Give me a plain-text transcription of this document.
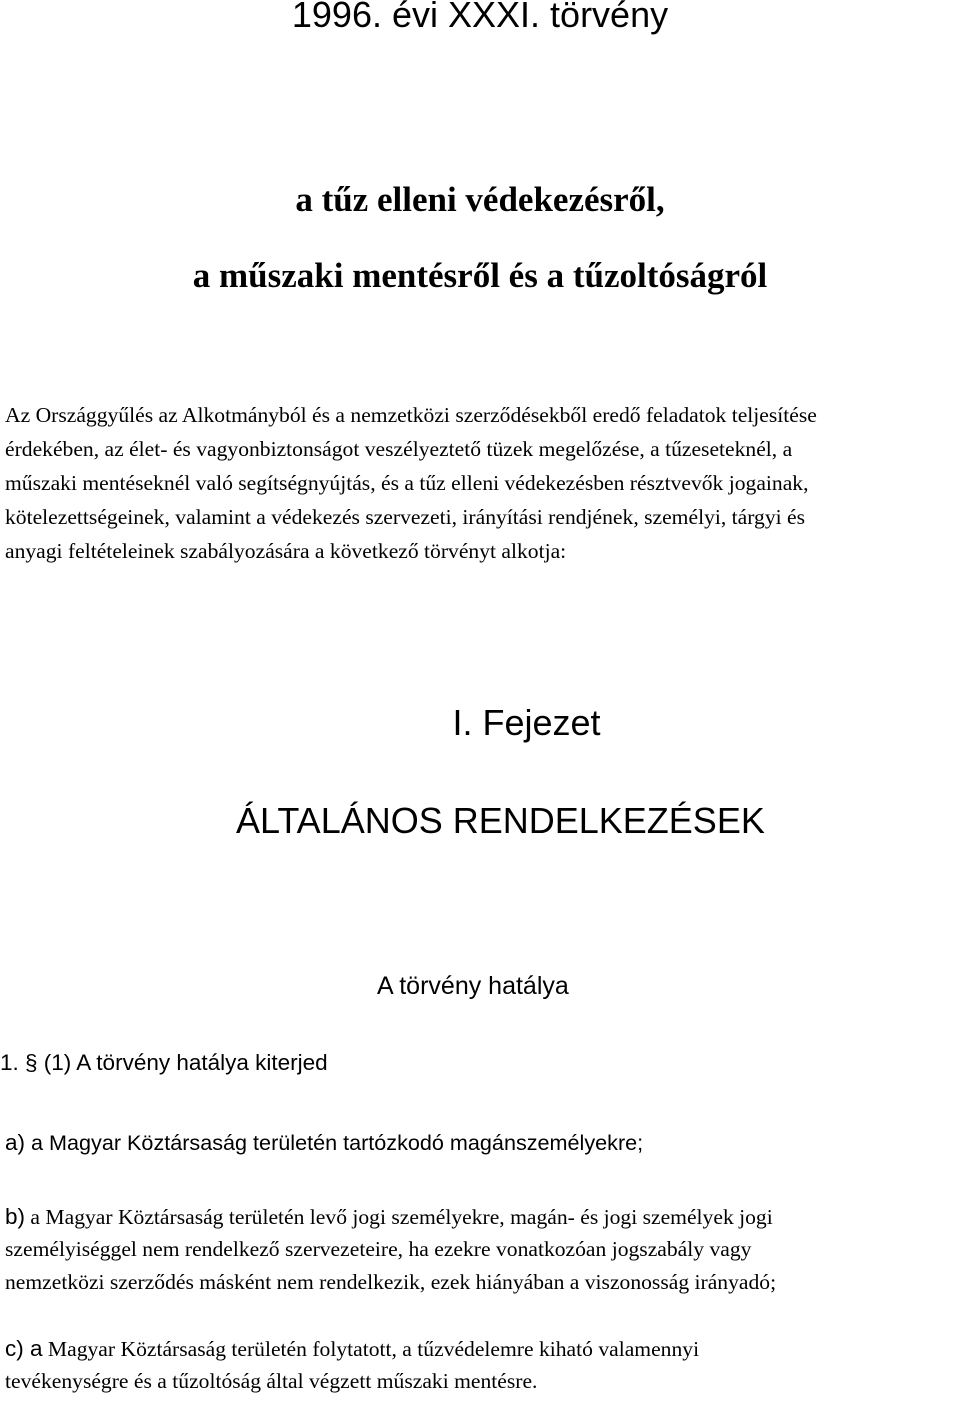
1996. évi XXXI. törvény
a tűz elleni védekezésről,
a műszaki mentésről és a tűzoltóságról
Az Országgyűlés az Alkotmányból és a nemzetközi szerződésekből eredő feladatok teljesítése
érdekében, az élet- és vagyonbiztonságot veszélyeztető tüzek megelőzése, a tűzeseteknél, a
műszaki mentéseknél való segítségnyújtás, és a tűz elleni védekezésben résztvevők jogainak,
kötelezettségeinek, valamint a védekezés szervezeti, irányítási rendjének, személyi, tárgyi és
anyagi feltételeinek szabályozására a következő törvényt alkotja:
I. Fejezet
ÁLTALÁNOS RENDELKEZÉSEK
A törvény hatálya
1. § (1) A törvény hatálya kiterjed
a) a Magyar Köztársaság területén tartózkodó magánszemélyekre;
b) a Magyar Köztársaság területén levő jogi személyekre, magán- és jogi személyek jogi
személyiséggel nem rendelkező szervezeteire, ha ezekre vonatkozóan jogszabály vagy
nemzetközi szerződés másként nem rendelkezik, ezek hiányában a viszonosság irányadó;
c) a Magyar Köztársaság területén folytatott, a tűzvédelemre kiható valamennyi
tevékenységre és a tűzoltóság által végzett műszaki mentésre.
